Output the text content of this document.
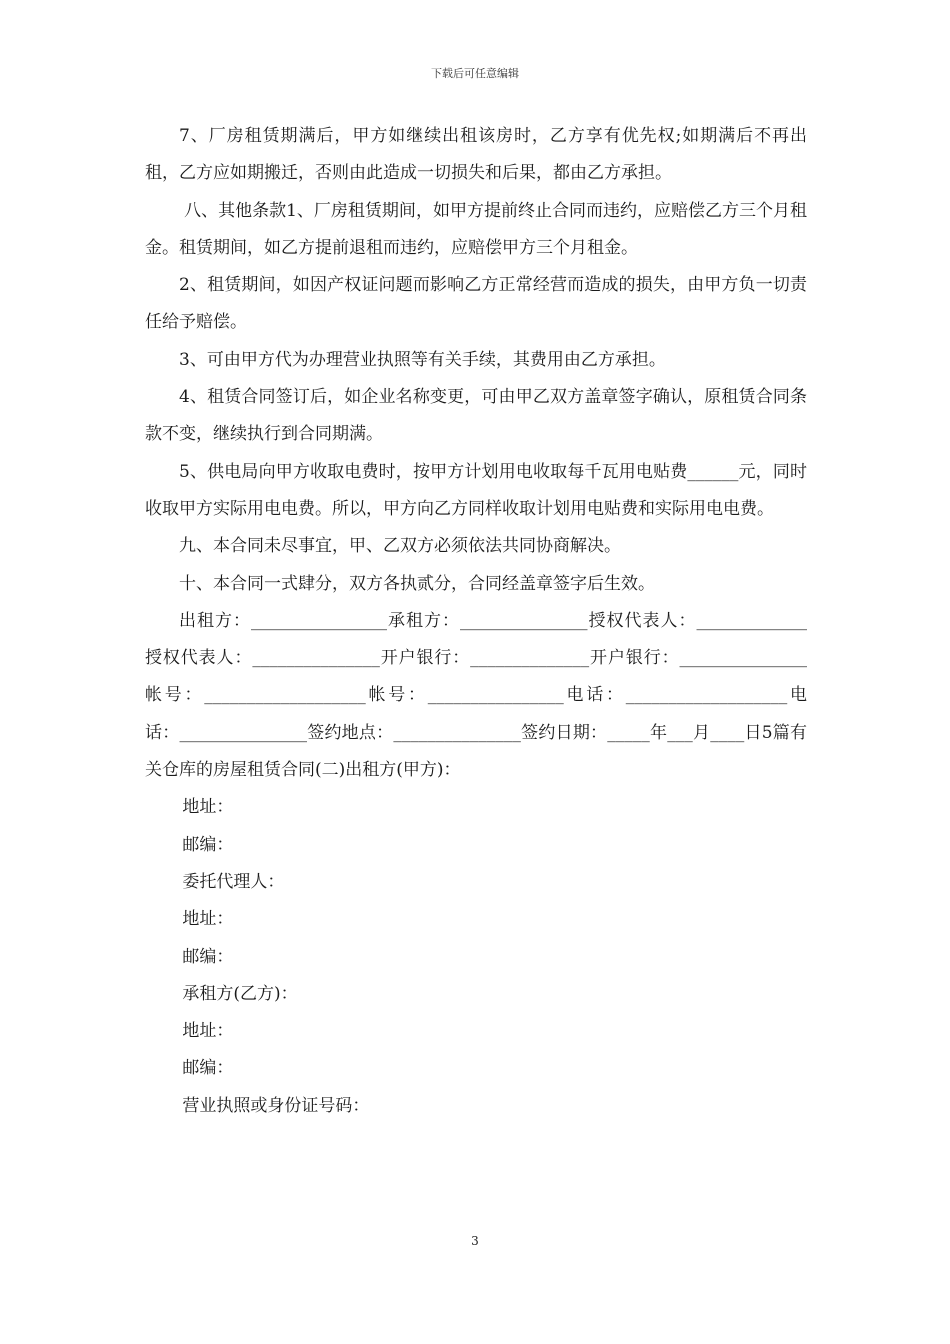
下载后可任意编辑

7、厂房租赁期满后，甲方如继续出租该房时，乙方享有优先权;如期满后不再出租，乙方应如期搬迁，否则由此造成一切损失和后果，都由乙方承担。

八、其他条款1、厂房租赁期间，如甲方提前终止合同而违约，应赔偿乙方三个月租金。租赁期间，如乙方提前退租而违约，应赔偿甲方三个月租金。

2、租赁期间，如因产权证问题而影响乙方正常经营而造成的损失，由甲方负一切责任给予赔偿。

3、可由甲方代为办理营业执照等有关手续，其费用由乙方承担。

4、租赁合同签订后，如企业名称变更，可由甲乙双方盖章签字确认，原租赁合同条款不变，继续执行到合同期满。

5、供电局向甲方收取电费时，按甲方计划用电收取每千瓦用电贴费______元，同时收取甲方实际用电电费。所以，甲方向乙方同样收取计划用电贴费和实际用电电费。

九、本合同未尽事宜，甲、乙双方必须依法共同协商解决。

十、本合同一式肆分，双方各执贰分，合同经盖章签字后生效。

出租方：________________承租方：_______________授权代表人：_____________授权代表人：_______________开户银行：______________开户银行：_______________帐号：___________________帐号：________________电话：___________________电话：_______________签约地点：_______________签约日期：_____年___月____日5篇有关仓库的房屋租赁合同(二)出租方(甲方)：

地址：

邮编：

委托代理人：

地址：

邮编：

承租方(乙方)：

地址：

邮编：

营业执照或身份证号码：

3
